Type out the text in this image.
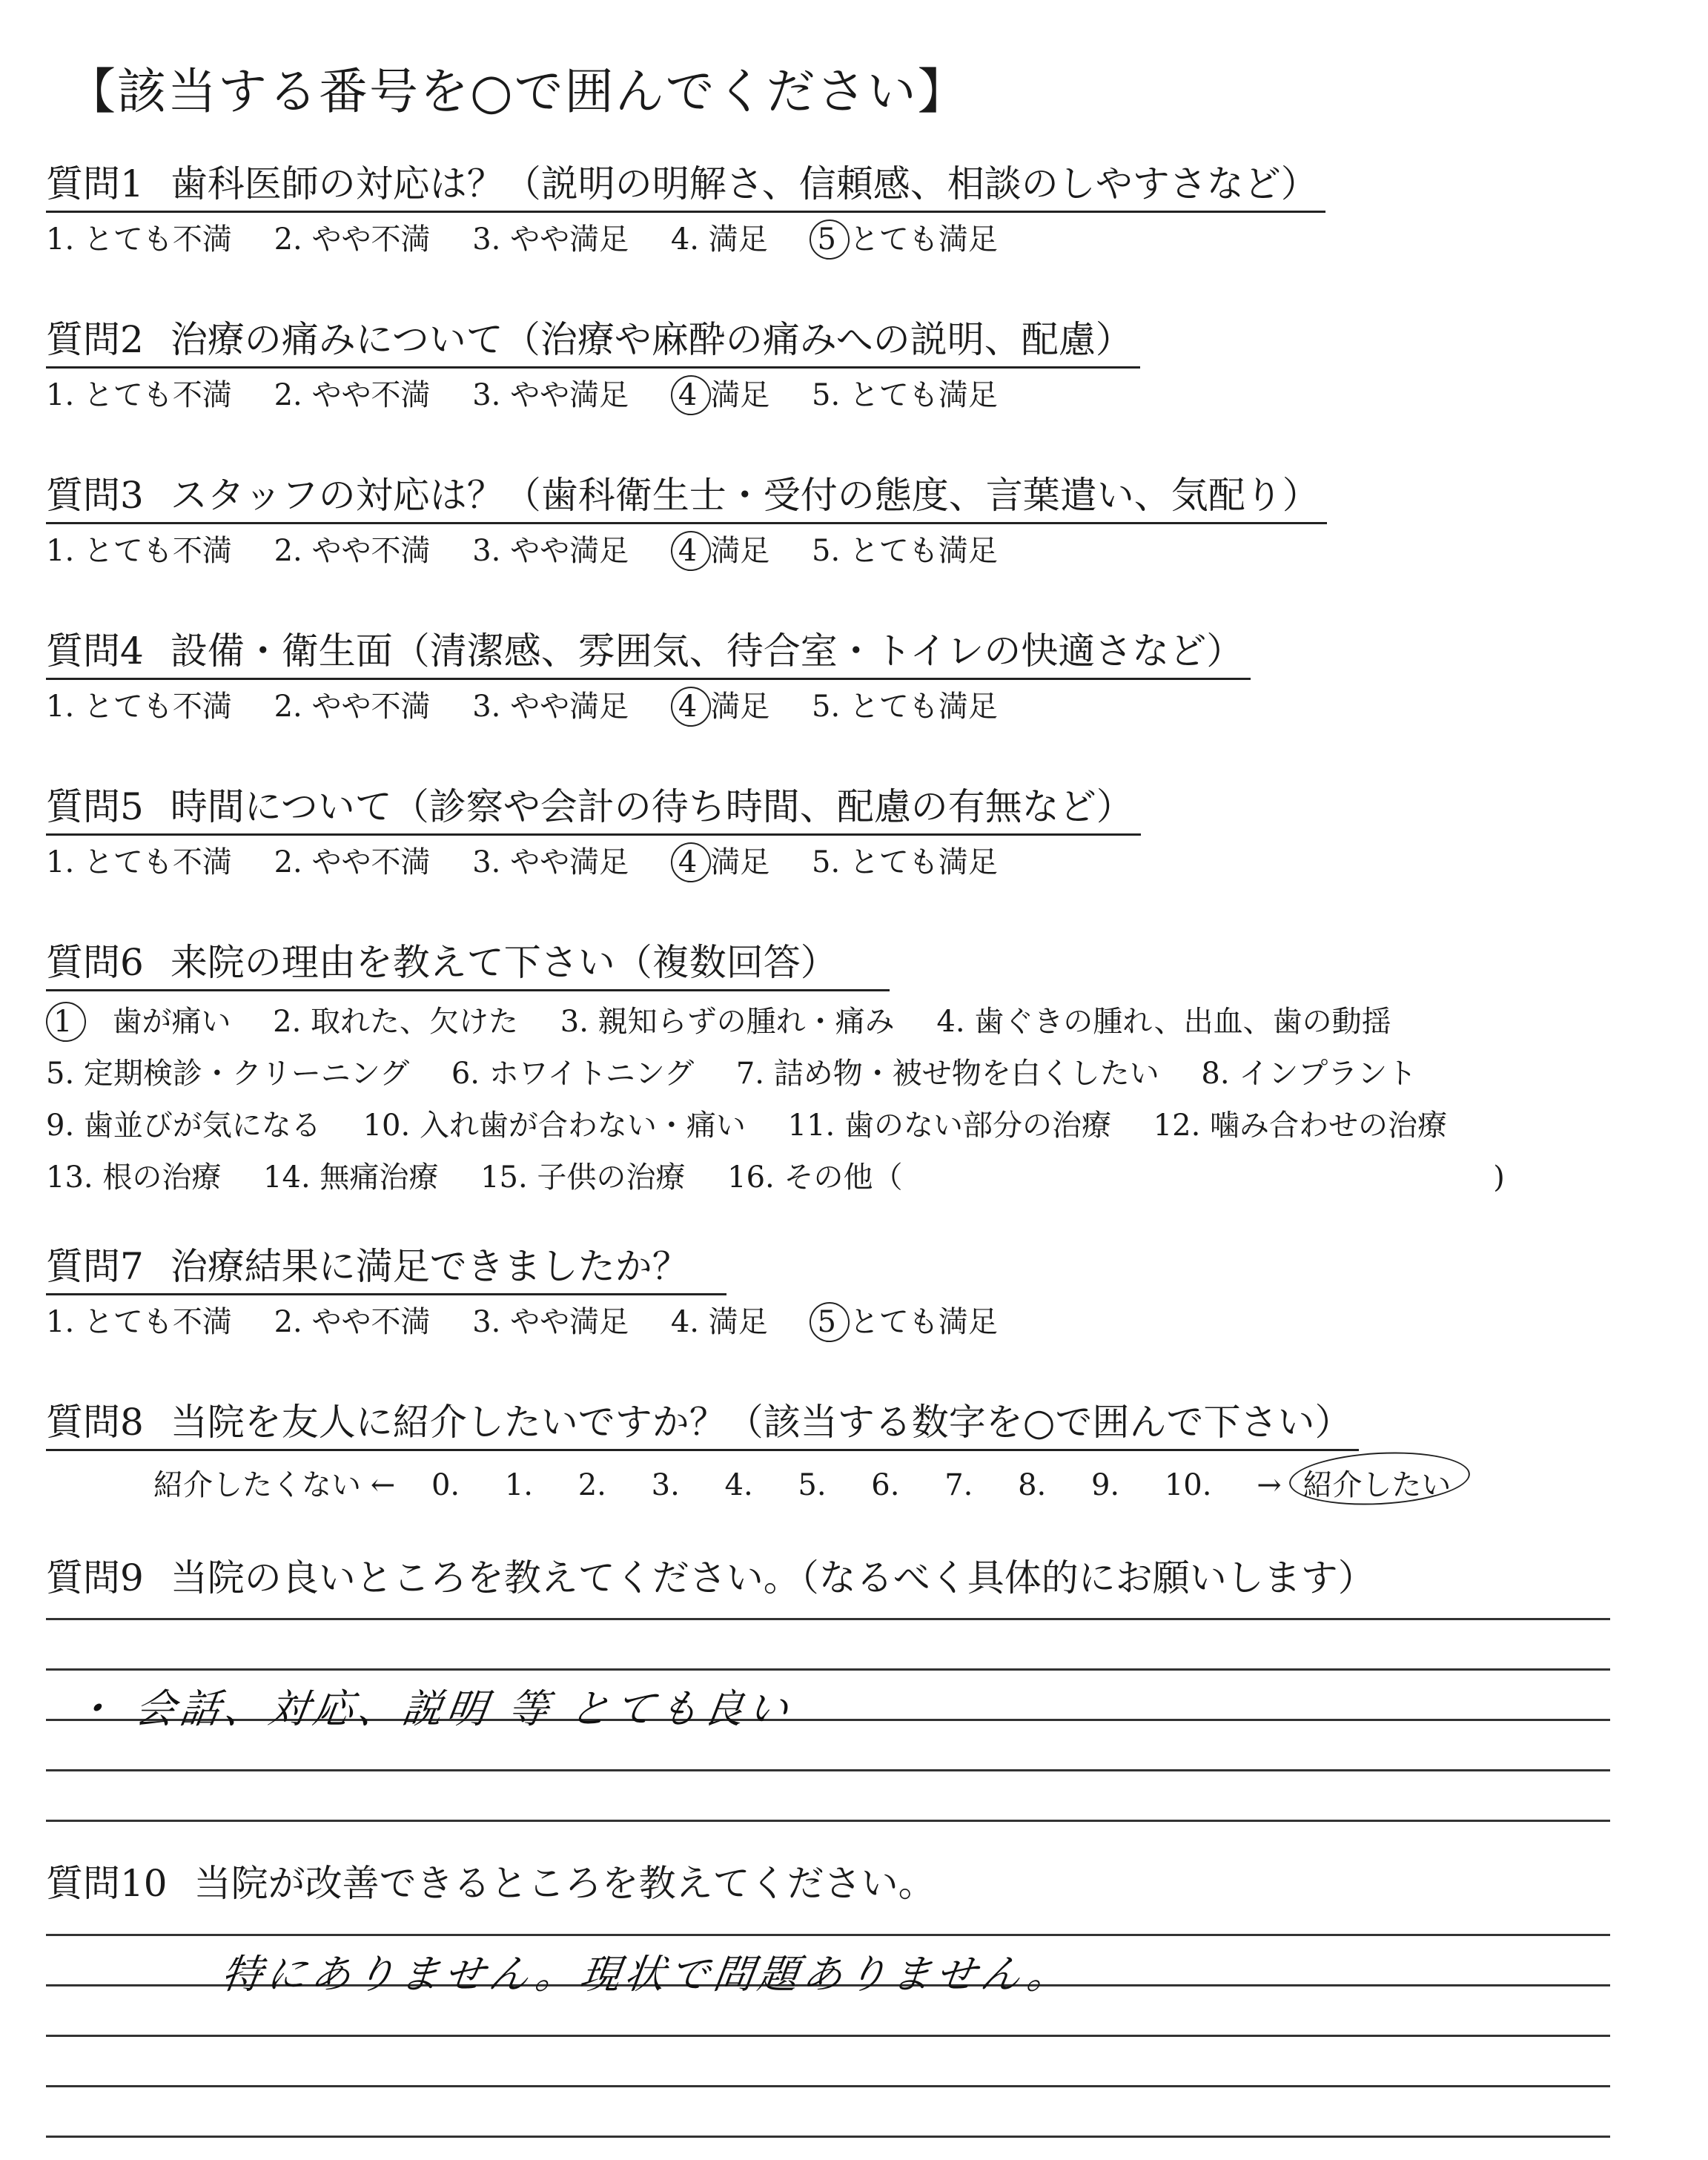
【該当する番号を○で囲んでください】
質問1 歯科医師の対応は？（説明の明解さ、信頼感、相談のしやすさなど）
1. とても不満 2. やや不満 3. やや満足 4. 満足 5 とても満足
質問2 治療の痛みについて（治療や麻酔の痛みへの説明、配慮）
1. とても不満 2. やや不満 3. やや満足 4 満足 5. とても満足
質問3 スタッフの対応は？（歯科衛生士・受付の態度、言葉遣い、気配り）
1. とても不満 2. やや不満 3. やや満足 4 満足 5. とても満足
質問4 設備・衛生面（清潔感、雰囲気、待合室・トイレの快適さなど）
1. とても不満 2. やや不満 3. やや満足 4 満足 5. とても満足
質問5 時間について（診察や会計の待ち時間、配慮の有無など）
1. とても不満 2. やや不満 3. やや満足 4 満足 5. とても満足
質問6 来院の理由を教えて下さい（複数回答）
1 歯が痛い 2. 取れた、欠けた 3. 親知らずの腫れ・痛み 4. 歯ぐきの腫れ、出血、歯の動揺
5. 定期検診・クリーニング 6. ホワイトニング 7. 詰め物・被せ物を白くしたい 8. インプラント
9. 歯並びが気になる 10. 入れ歯が合わない・痛い 11. 歯のない部分の治療 12. 噛み合わせの治療
13. 根の治療 14. 無痛治療 15. 子供の治療 16. その他（	)
質問7 治療結果に満足できましたか？
1. とても不満 2. やや不満 3. やや満足 4. 満足 5 とても満足
質問8 当院を友人に紹介したいですか？（該当する数字を○で囲んで下さい）
紹介したくない ← 0. 1. 2. 3. 4. 5. 6. 7. 8. 9. 10. → 紹介したい
質問9 当院の良いところを教えてください。（なるべく具体的にお願いします）
・ 会話、対応、説明 等 とても良い
質問10 当院が改善できるところを教えてください。
特にありません。現状で問題ありません。
